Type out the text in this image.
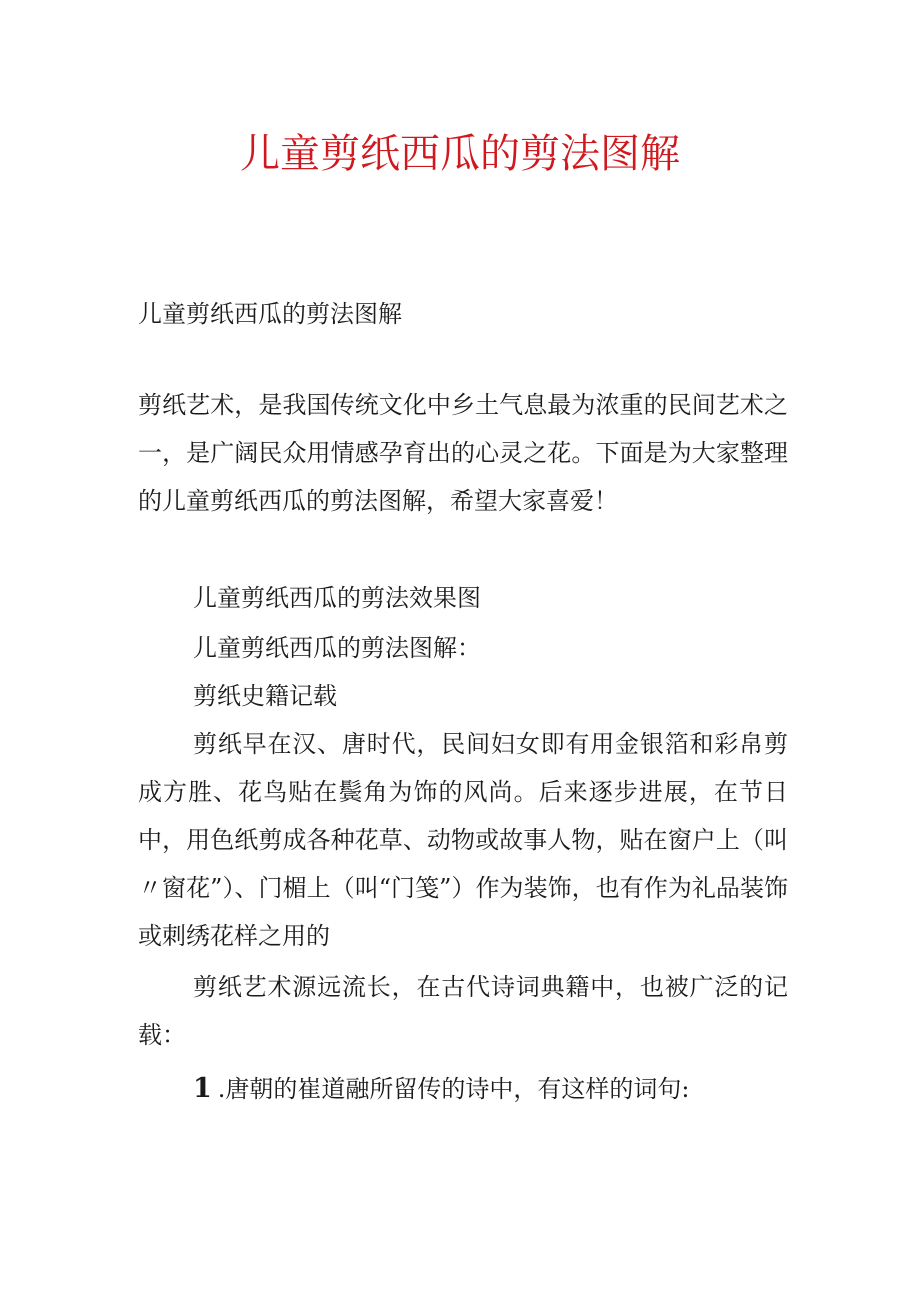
儿童剪纸西瓜的剪法图解

儿童剪纸西瓜的剪法图解

剪纸艺术，是我国传统文化中乡土气息最为浓重的民间艺术之一，是广阔民众用情感孕育出的心灵之花。下面是为大家整理的儿童剪纸西瓜的剪法图解，希望大家喜爱！

儿童剪纸西瓜的剪法效果图

儿童剪纸西瓜的剪法图解：

剪纸史籍记载

剪纸早在汉、唐时代，民间妇女即有用金银箔和彩帛剪成方胜、花鸟贴在鬓角为饰的风尚。后来逐步进展，在节日中，用色纸剪成各种花草、动物或故事人物，贴在窗户上（叫〃窗花”）、门楣上（叫“门笺”）作为装饰，也有作为礼品装饰或刺绣花样之用的

剪纸艺术源远流长，在古代诗词典籍中，也被广泛的记载：

1 .唐朝的崔道融所留传的诗中，有这样的词句:
